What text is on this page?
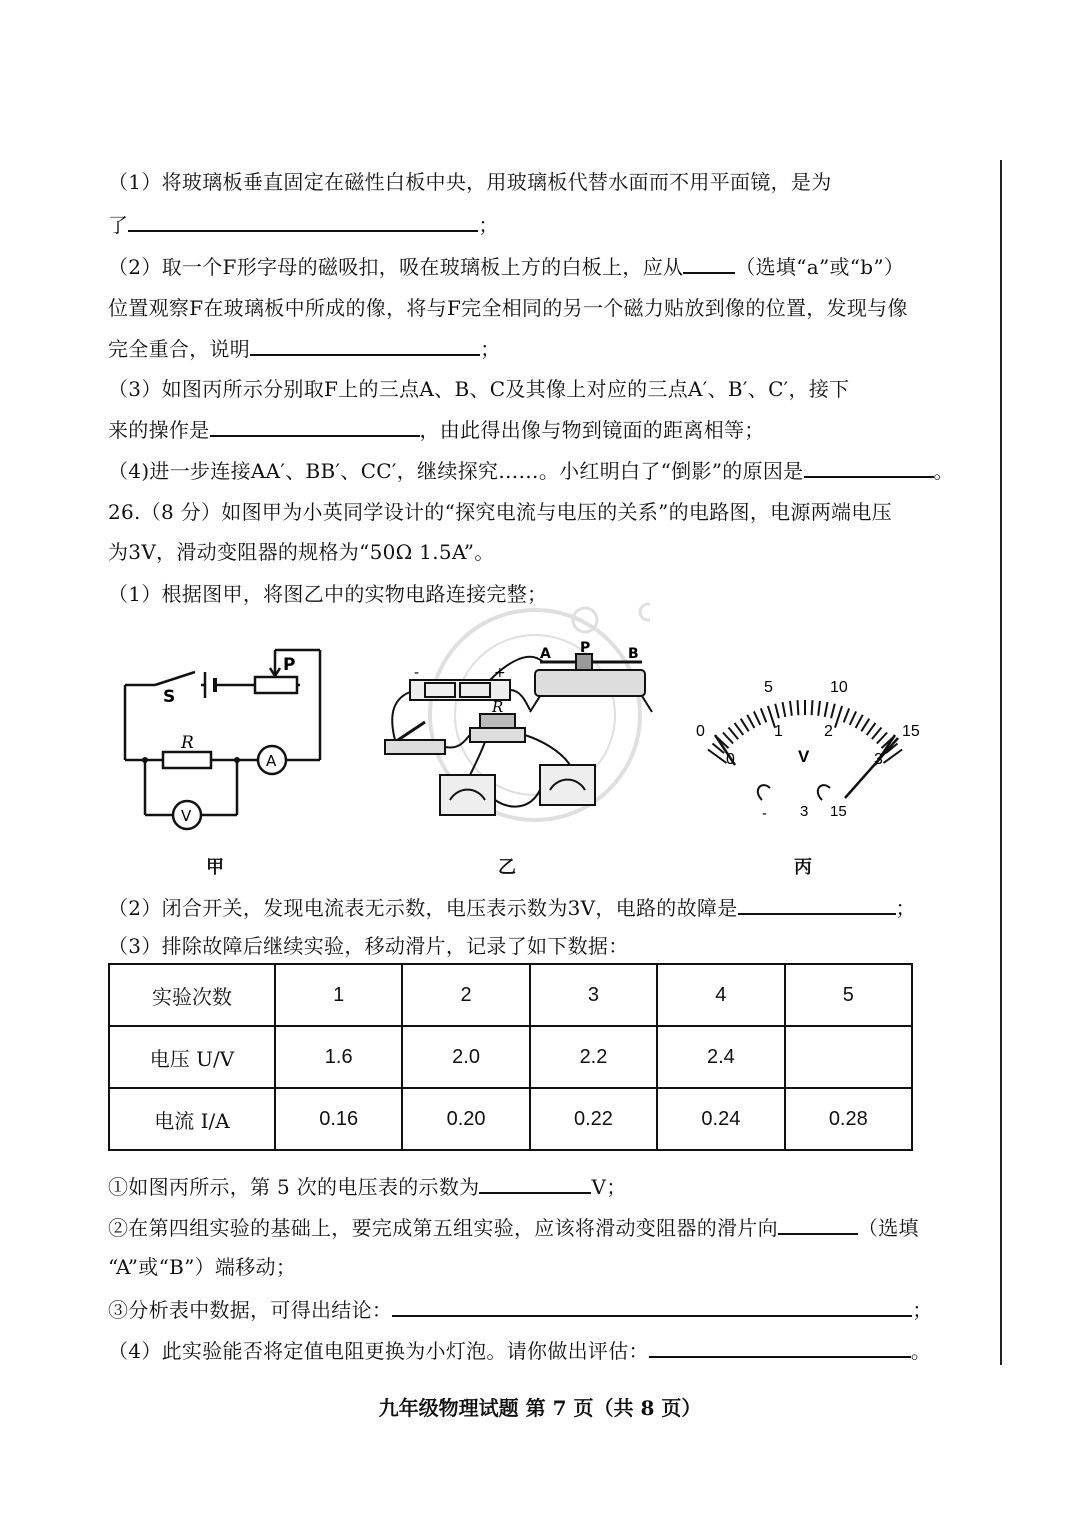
（1）将玻璃板垂直固定在磁性白板中央，用玻璃板代替水面而不用平面镜，是为
了	；
（2）取一个F形字母的磁吸扣，吸在玻璃板上方的白板上，应从	（选填“a”或“b”）
位置观察F在玻璃板中所成的像，将与F完全相同的另一个磁力贴放到像的位置，发现与像
完全重合，说明	；
（3）如图丙所示分别取F上的三点A、B、C及其像上对应的三点A′、B′、C′，接下
来的操作是	，由此得出像与物到镜面的距离相等；
（4)进一步连接AA′、BB′、CC′，继续探究……。小红明白了“倒影”的原因是	。
26.（8 分）如图甲为小英同学设计的“探究电流与电压的关系”的电路图，电源两端电压
为3V，滑动变阻器的规格为“50Ω 1.5A”。
（1）根据图甲，将图乙中的实物电路连接完整；
P
S
R
A
V
甲
A P	B
R
-	+
乙
0
5	10
15
0
1	2
3
V
- 3 15
丙
（2）闭合开关，发现电流表无示数，电压表示数为3V，电路的故障是	；
（3）排除故障后继续实验，移动滑片，记录了如下数据：
实验次数	1	2	3	4	5
电压 U/V	1.6	2.0	2.2	2.4	
电流 I/A	0.16	0.20	0.22	0.24	0.28
①如图丙所示，第 5 次的电压表的示数为	V；
②在第四组实验的基础上，要完成第五组实验，应该将滑动变阻器的滑片向	（选填
“A”或“B”）端移动；
③分析表中数据，可得出结论：	；
（4）此实验能否将定值电阻更换为小灯泡。请你做出评估：	。
九年级物理试题 第 7 页（共 8 页）
